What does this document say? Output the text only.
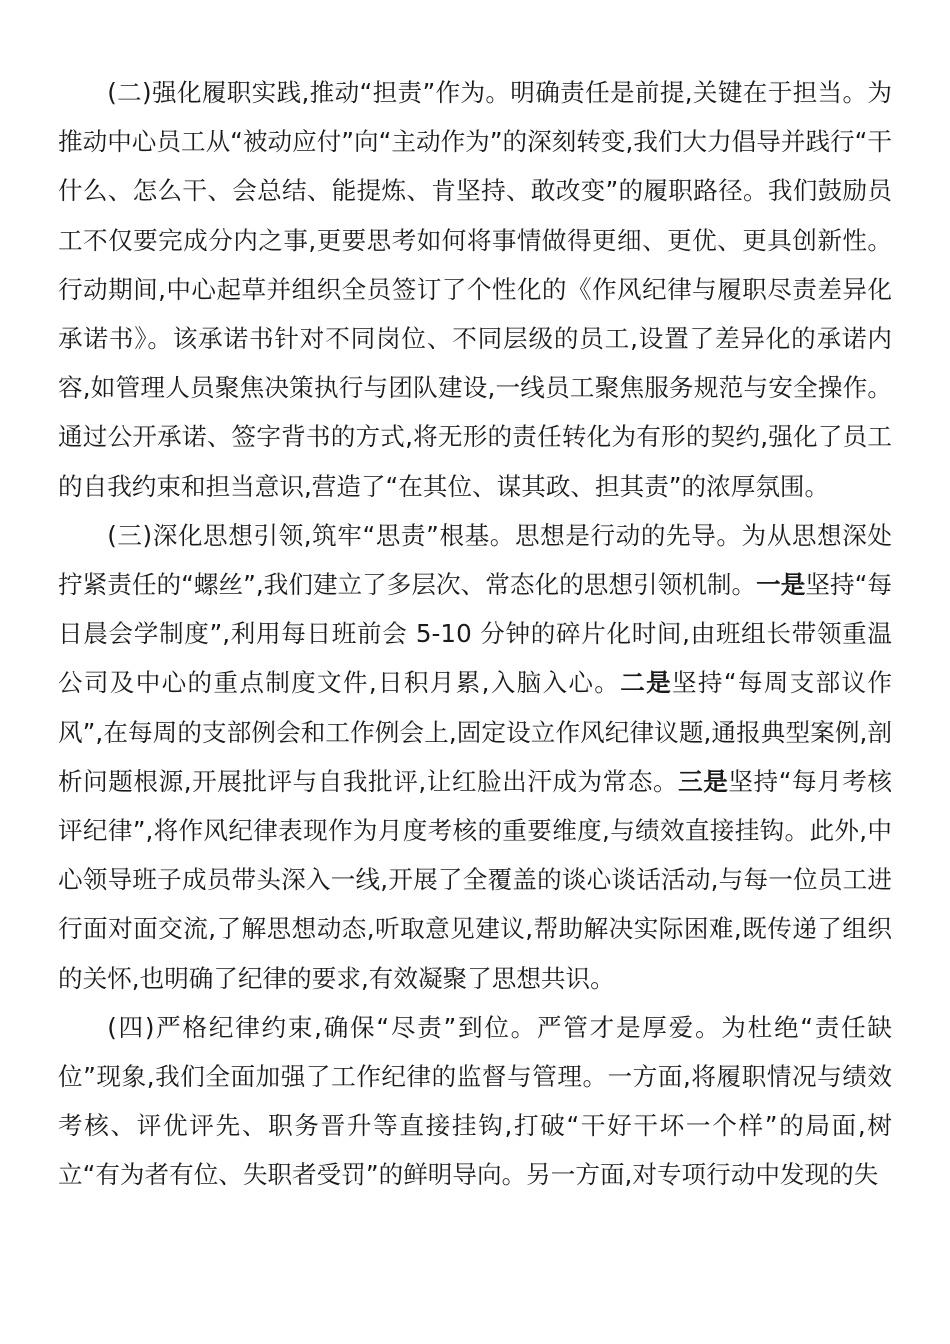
(二)强化履职实践,推动“担责”作为。明确责任是前提,关键在于担当。为推动中心员工从“被动应付”向“主动作为”的深刻转变,我们大力倡导并践行“干什么、怎么干、会总结、能提炼、肯坚持、敢改变”的履职路径。我们鼓励员工不仅要完成分内之事,更要思考如何将事情做得更细、更优、更具创新性。行动期间,中心起草并组织全员签订了个性化的《作风纪律与履职尽责差异化承诺书》。该承诺书针对不同岗位、不同层级的员工,设置了差异化的承诺内容,如管理人员聚焦决策执行与团队建设,一线员工聚焦服务规范与安全操作。通过公开承诺、签字背书的方式,将无形的责任转化为有形的契约,强化了员工的自我约束和担当意识,营造了“在其位、谋其政、担其责”的浓厚氛围。

(三)深化思想引领,筑牢“思责”根基。思想是行动的先导。为从思想深处拧紧责任的“螺丝”,我们建立了多层次、常态化的思想引领机制。一是坚持“每日晨会学制度”,利用每日班前会 5-10 分钟的碎片化时间,由班组长带领重温公司及中心的重点制度文件,日积月累,入脑入心。二是坚持“每周支部议作风”,在每周的支部例会和工作例会上,固定设立作风纪律议题,通报典型案例,剖析问题根源,开展批评与自我批评,让红脸出汗成为常态。三是坚持“每月考核评纪律”,将作风纪律表现作为月度考核的重要维度,与绩效直接挂钩。此外,中心领导班子成员带头深入一线,开展了全覆盖的谈心谈话活动,与每一位员工进行面对面交流,了解思想动态,听取意见建议,帮助解决实际困难,既传递了组织的关怀,也明确了纪律的要求,有效凝聚了思想共识。

(四)严格纪律约束,确保“尽责”到位。严管才是厚爱。为杜绝“责任缺位”现象,我们全面加强了工作纪律的监督与管理。一方面,将履职情况与绩效考核、评优评先、职务晋升等直接挂钩,打破“干好干坏一个样”的局面,树立“有为者有位、失职者受罚”的鲜明导向。另一方面,对专项行动中发现的失
